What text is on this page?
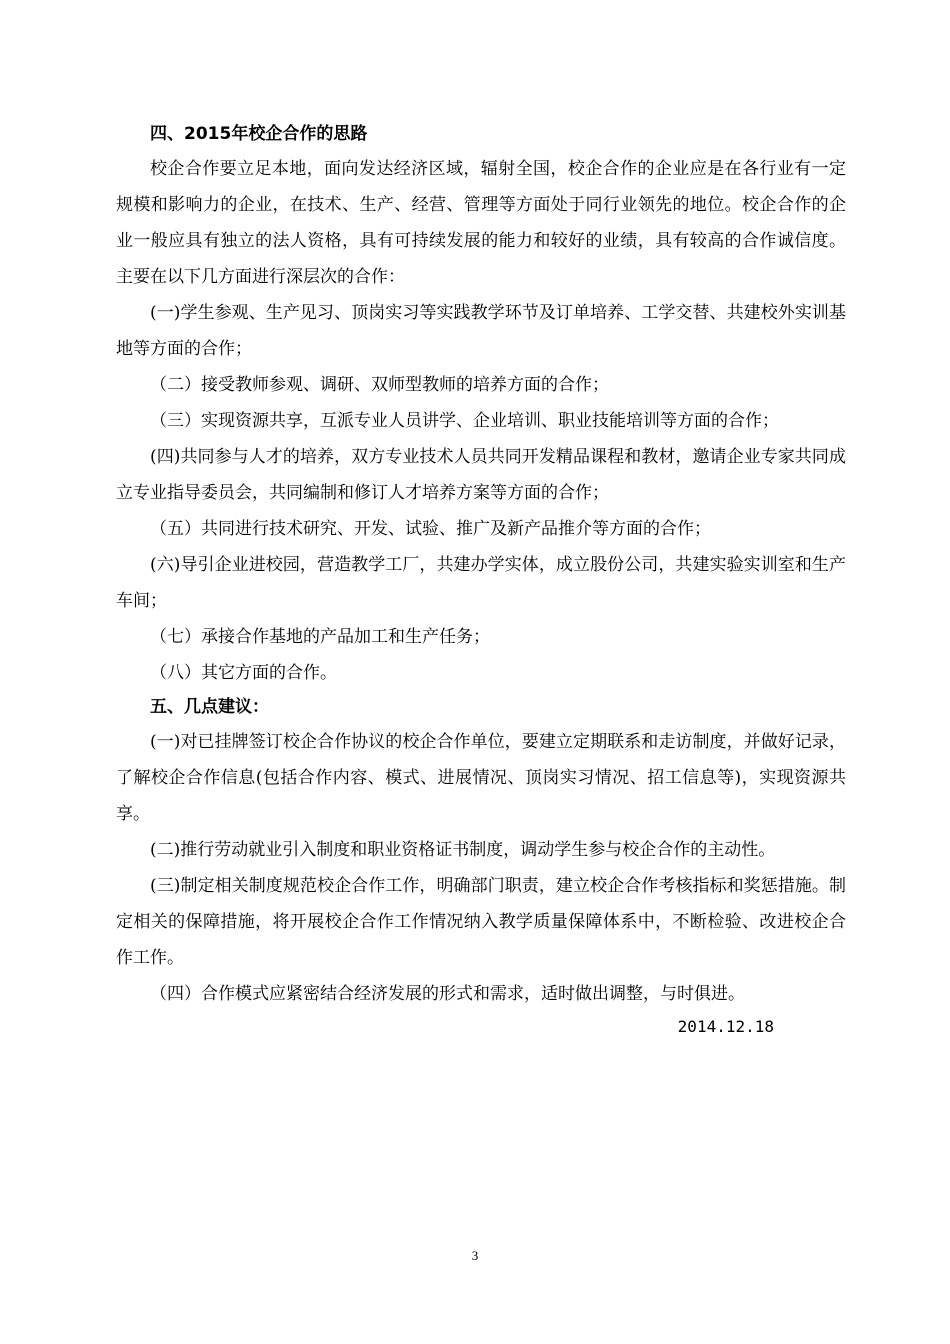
四、2015年校企合作的思路

校企合作要立足本地，面向发达经济区域，辐射全国，校企合作的企业应是在各行业有一定规模和影响力的企业，在技术、生产、经营、管理等方面处于同行业领先的地位。校企合作的企业一般应具有独立的法人资格，具有可持续发展的能力和较好的业绩，具有较高的合作诚信度。主要在以下几方面进行深层次的合作：

(一)学生参观、生产见习、顶岗实习等实践教学环节及订单培养、工学交替、共建校外实训基地等方面的合作；

（二）接受教师参观、调研、双师型教师的培养方面的合作；

（三）实现资源共享，互派专业人员讲学、企业培训、职业技能培训等方面的合作；

(四)共同参与人才的培养，双方专业技术人员共同开发精品课程和教材，邀请企业专家共同成立专业指导委员会，共同编制和修订人才培养方案等方面的合作；

（五）共同进行技术研究、开发、试验、推广及新产品推介等方面的合作；

(六)导引企业进校园，营造教学工厂，共建办学实体，成立股份公司，共建实验实训室和生产车间；

（七）承接合作基地的产品加工和生产任务；

（八）其它方面的合作。

五、几点建议：

(一)对已挂牌签订校企合作协议的校企合作单位，要建立定期联系和走访制度，并做好记录，了解校企合作信息(包括合作内容、模式、进展情况、顶岗实习情况、招工信息等)，实现资源共享。

(二)推行劳动就业引入制度和职业资格证书制度，调动学生参与校企合作的主动性。

(三)制定相关制度规范校企合作工作，明确部门职责，建立校企合作考核指标和奖惩措施。制定相关的保障措施，将开展校企合作工作情况纳入教学质量保障体系中，不断检验、改进校企合作工作。

（四）合作模式应紧密结合经济发展的形式和需求，适时做出调整，与时俱进。

2014.12.18

3
